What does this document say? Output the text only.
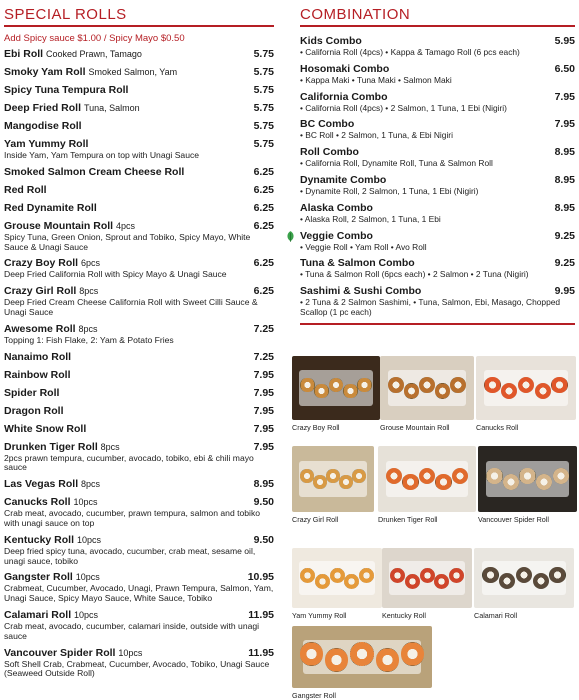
SPECIAL ROLLS
Add Spicy sauce $1.00 / Spicy Mayo $0.50
Ebi Roll Cooked Prawn, Tamago	5.75
Smoky Yam Roll Smoked Salmon, Yam	5.75
Spicy Tuna Tempura Roll	5.75
Deep Fried Roll Tuna, Salmon	5.75
Mangodise Roll	5.75
Yam Yummy Roll	5.75
Inside Yam, Yam Tempura on top with Unagi Sauce
Smoked Salmon Cream Cheese Roll	6.25
Red Roll	6.25
Red Dynamite Roll	6.25
Grouse Mountain Roll 4pcs	6.25
Spicy Tuna, Green Onion, Sprout and Tobiko, Spicy Mayo, White Sauce & Unagi Sauce
Crazy Boy Roll 6pcs	6.25
Deep Fried California Roll with Spicy Mayo & Unagi Sauce
Crazy Girl Roll 8pcs	6.25
Deep Fried Cream Cheese California Roll with Sweet Cilli Sauce & Unagi Sauce
Awesome Roll 8pcs	7.25
Topping 1: Fish Flake, 2: Yam & Potato Fries
Nanaimo Roll	7.25
Rainbow Roll	7.95
Spider Roll	7.95
Dragon Roll	7.95
White Snow Roll	7.95
Drunken Tiger Roll 8pcs	7.95
2pcs prawn tempura, cucumber, avocado, tobiko, ebi & chili mayo sauce
Las Vegas Roll 8pcs	8.95
Canucks Roll 10pcs	9.50
Crab meat, avocado, cucumber, prawn tempura, salmon and tobiko with unagi sauce on top
Kentucky Roll 10pcs	9.50
Deep fried spicy tuna, avocado, cucumber, crab meat, sesame oil, unagi sauce, tobiko
Gangster Roll 10pcs	10.95
Crabmeat, Cucumber, Avocado, Unagi, Prawn Tempura, Salmon, Yam, Unagi Sauce, Spicy Mayo Sauce, White Sauce, Tobiko
Calamari Roll 10pcs	11.95
Crab meat, avocado, cucumber, calamari inside, outside with unagi sauce
Vancouver Spider Roll 10pcs	11.95
Soft Shell Crab, Crabmeat, Cucumber, Avocado, Tobiko, Unagi Sauce (Seaweed Outside Roll)
COMBINATION
Kids Combo	5.95
• California Roll (4pcs) • Kappa & Tamago Roll (6 pcs each)
Hosomaki Combo	6.50
• Kappa Maki • Tuna Maki • Salmon Maki
California Combo	7.95
• California Roll (4pcs) • 2 Salmon, 1 Tuna, 1 Ebi (Nigiri)
BC Combo	7.95
• BC Roll • 2 Salmon, 1 Tuna, & Ebi Nigiri
Roll Combo	8.95
• California Roll, Dynamite Roll, Tuna & Salmon Roll
Dynamite Combo	8.95
• Dynamite Roll, 2 Salmon, 1 Tuna, 1 Ebi (Nigiri)
Alaska Combo	8.95
• Alaska Roll, 2 Salmon, 1 Tuna, 1 Ebi
Veggie Combo	9.25
• Veggie Roll • Yam Roll • Avo Roll
Tuna & Salmon Combo	9.25
• Tuna & Salmon Roll (6pcs each) • 2 Salmon • 2 Tuna (Nigiri)
Sashimi & Sushi Combo	9.95
• 2 Tuna & 2 Salmon Sashimi, • Tuna, Salmon, Ebi, Masago, Chopped Scallop (1 pc each)
Crazy Boy Roll	Grouse Mountain Roll	Canucks Roll
Crazy Girl Roll	Drunken Tiger Roll	Vancouver Spider Roll
Yam Yummy Roll	Kentucky Roll	Calamari Roll
Gangster Roll
